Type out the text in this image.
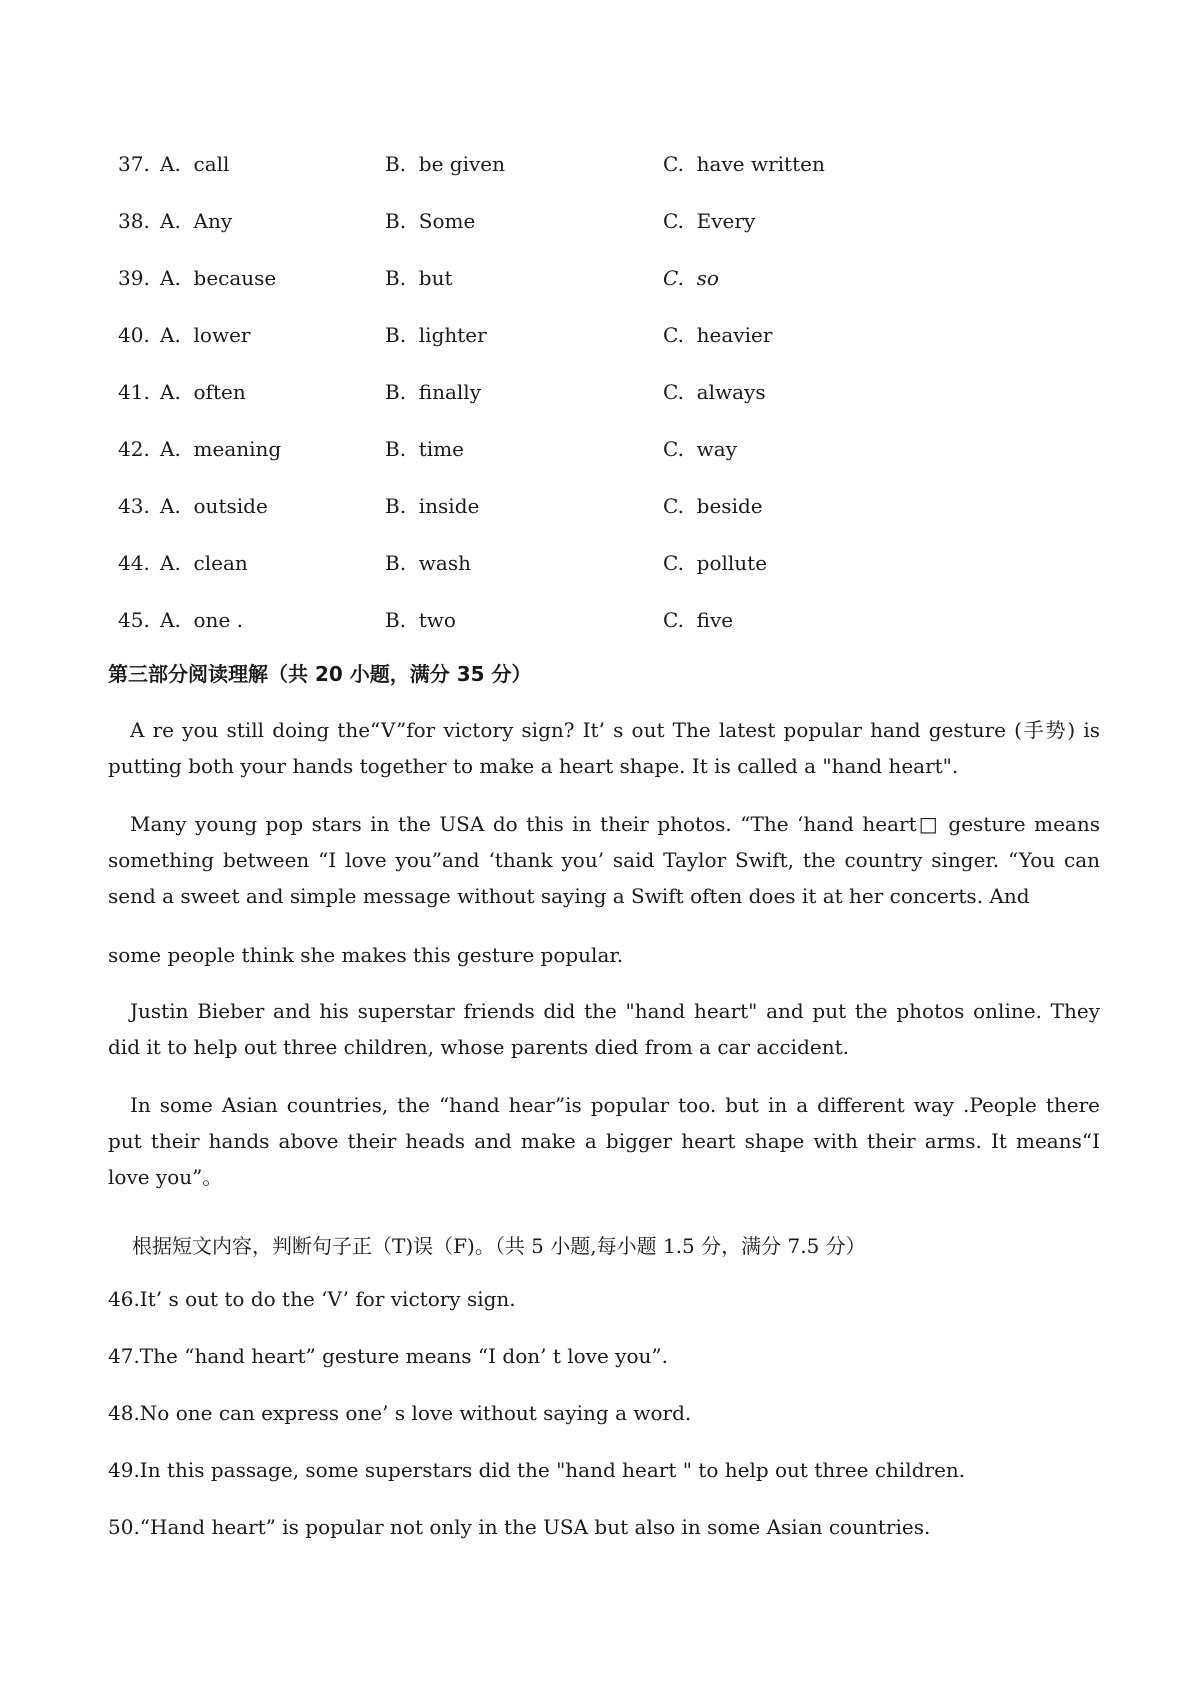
37. A.  call	B.  be given	C.  have written
38. A.  Any	B.  Some	C.  Every
39. A.  because	B.  but	C.  so
40. A.  lower	B.  lighter	C.  heavier
41. A.  often	B.  finally	C.  always
42. A.  meaning	B.  time	C.  way
43. A.  outside	B.  inside	C.  beside
44. A.  clean	B.  wash	C.  pollute
45. A.  one .	B.  two	C.  five
第三部分阅读理解（共 20 小题，满分 35 分）
A re you still doing the“V”for victory sign? It’ s out The latest popular hand gesture (手势) is putting both your hands together to make a heart shape. It is called a "hand heart".
Many young pop stars in the USA do this in their photos. “The ‘hand heart□ gesture means something between “I love you”and ‘thank you’ said Taylor Swift, the country singer. “You can send a sweet and simple message without saying a Swift often does it at her concerts. And
some people think she makes this gesture popular.
Justin Bieber and his superstar friends did the "hand heart" and put the photos online. They did it to help out three children, whose parents died from a car accident.
In some Asian countries, the “hand hear”is popular too. but in a different way .People there put their hands above their heads and make a bigger heart shape with their arms. It means“I love you”。
根据短文内容，判断句子正（T)误（F)。（共 5 小题,每小题 1.5 分，满分 7.5 分）
46.It’ s out to do the ‘V’ for victory sign.
47.The “hand heart” gesture means “I don’ t love you”.
48.No one can express one’ s love without saying a word.
49.In this passage, some superstars did the "hand heart " to help out three children.
50.“Hand heart” is popular not only in the USA but also in some Asian countries.
